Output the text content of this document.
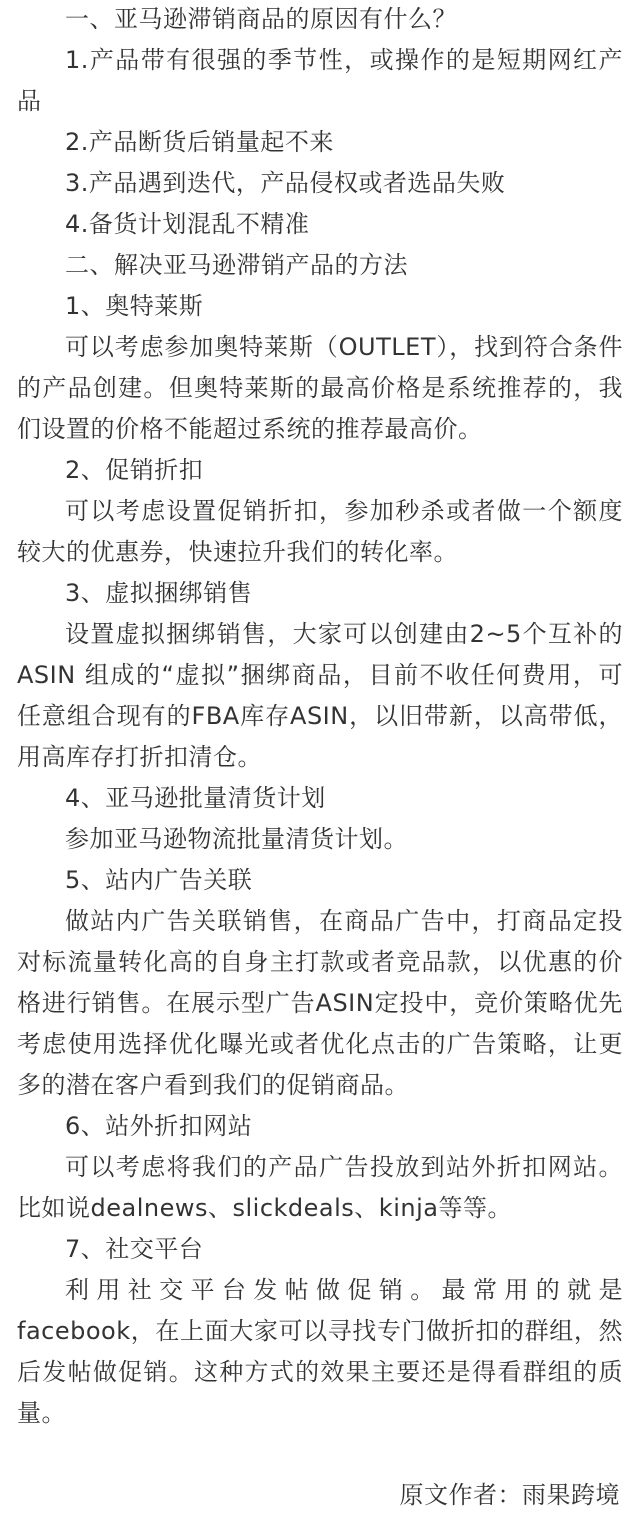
一、亚马逊滞销商品的原因有什么？

1.产品带有很强的季节性，或操作的是短期网红产品

2.产品断货后销量起不来

3.产品遇到迭代，产品侵权或者选品失败

4.备货计划混乱不精准

二、解决亚马逊滞销产品的方法

1、奥特莱斯

可以考虑参加奥特莱斯（OUTLET），找到符合条件的产品创建。但奥特莱斯的最高价格是系统推荐的，我们设置的价格不能超过系统的推荐最高价。

2、促销折扣

可以考虑设置促销折扣，参加秒杀或者做一个额度较大的优惠券，快速拉升我们的转化率。

3、虚拟捆绑销售

设置虚拟捆绑销售，大家可以创建由2~5个互补的 ASIN 组成的“虚拟”捆绑商品，目前不收任何费用，可任意组合现有的FBA库存ASIN，以旧带新，以高带低，用高库存打折扣清仓。

4、亚马逊批量清货计划

参加亚马逊物流批量清货计划。

5、站内广告关联

做站内广告关联销售，在商品广告中，打商品定投对标流量转化高的自身主打款或者竞品款，以优惠的价格进行销售。在展示型广告ASIN定投中，竞价策略优先考虑使用选择优化曝光或者优化点击的广告策略，让更多的潜在客户看到我们的促销商品。

6、站外折扣网站

可以考虑将我们的产品广告投放到站外折扣网站。比如说dealnews、slickdeals、kinja等等。

7、社交平台

利用社交平台发帖做促销。最常用的就是facebook，在上面大家可以寻找专门做折扣的群组，然后发帖做促销。这种方式的效果主要还是得看群组的质量。

原文作者：雨果跨境
